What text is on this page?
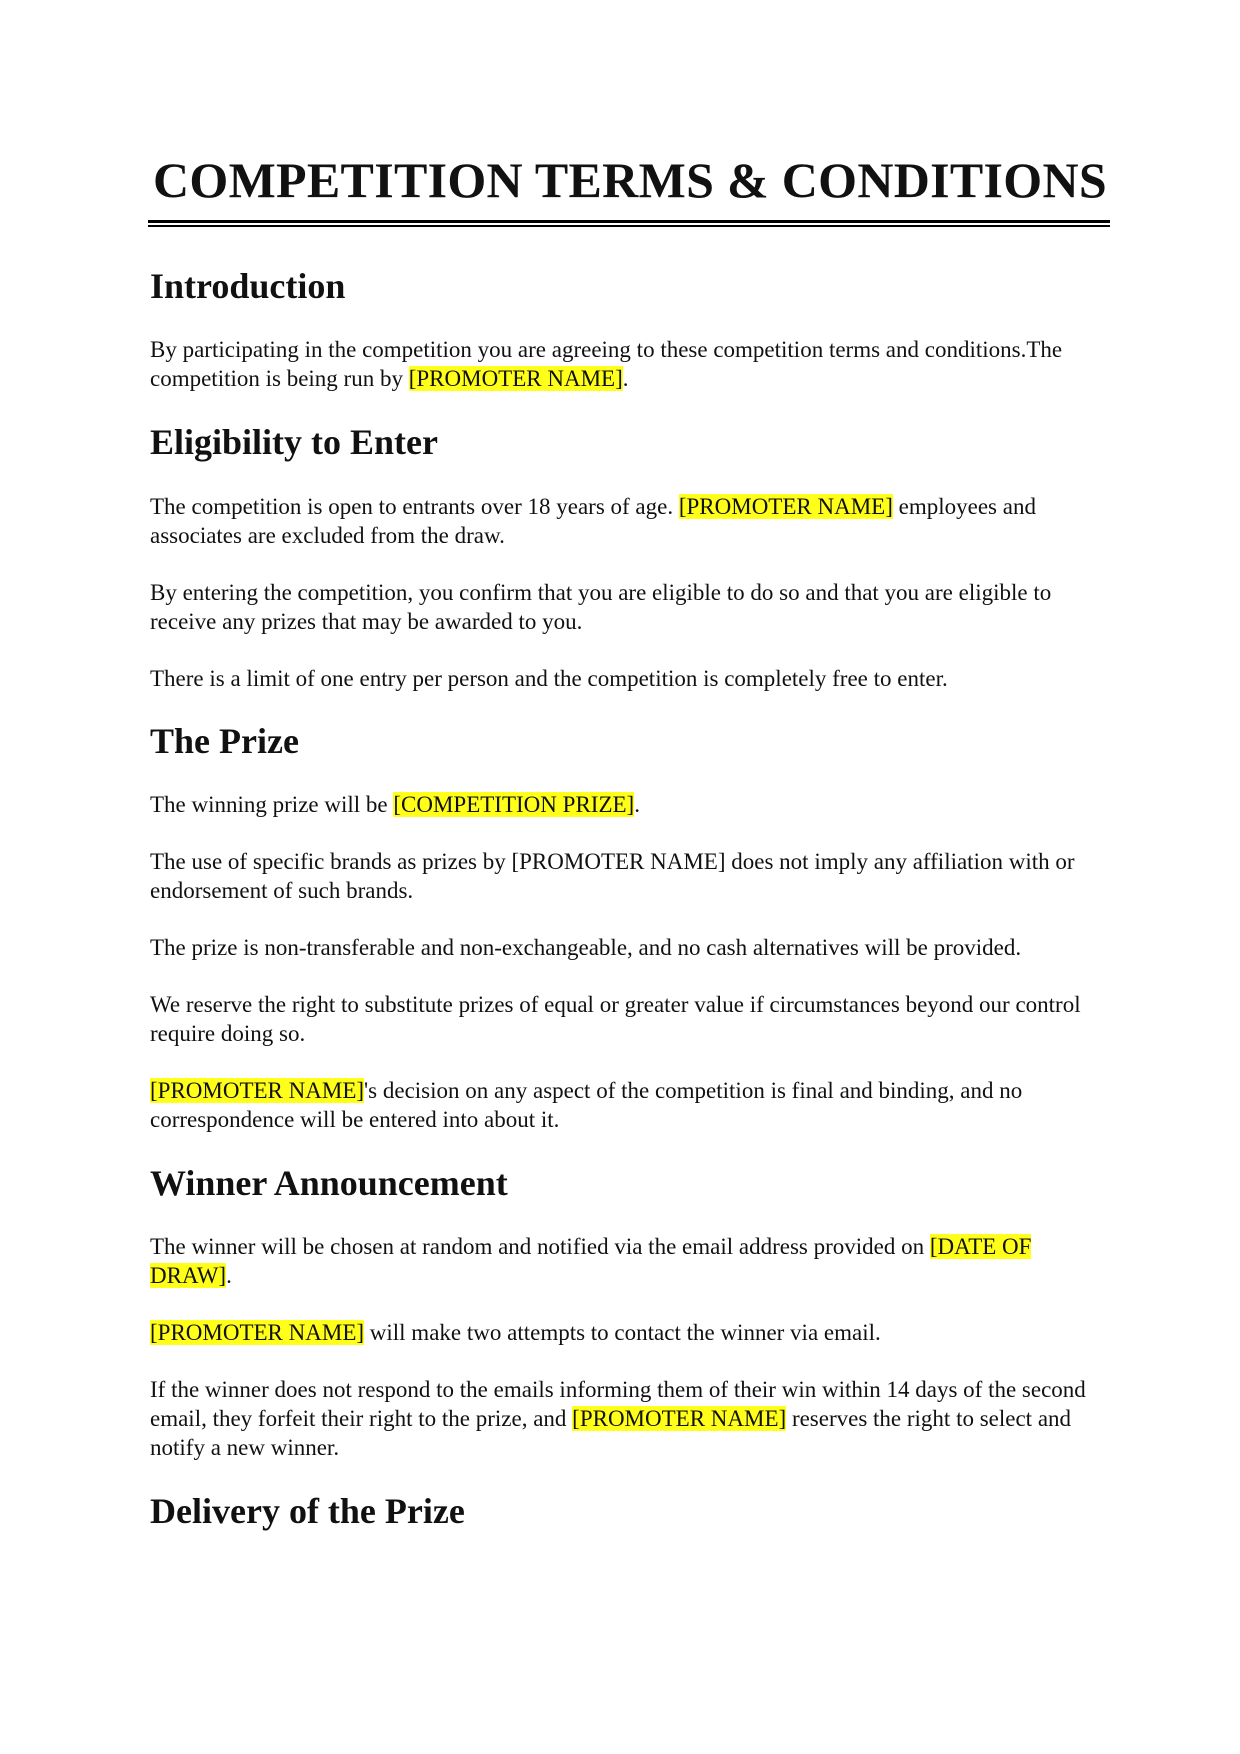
COMPETITION TERMS & CONDITIONS
Introduction

By participating in the competition you are agreeing to these competition terms and conditions.The competition is being run by [PROMOTER NAME].

Eligibility to Enter

The competition is open to entrants over 18 years of age. [PROMOTER NAME] employees and associates are excluded from the draw.

By entering the competition, you confirm that you are eligible to do so and that you are eligible to receive any prizes that may be awarded to you.

There is a limit of one entry per person and the competition is completely free to enter.

The Prize

The winning prize will be [COMPETITION PRIZE].

The use of specific brands as prizes by [PROMOTER NAME] does not imply any affiliation with or endorsement of such brands.

The prize is non-transferable and non-exchangeable, and no cash alternatives will be provided.

We reserve the right to substitute prizes of equal or greater value if circumstances beyond our control require doing so.

[PROMOTER NAME]'s decision on any aspect of the competition is final and binding, and no correspondence will be entered into about it.

Winner Announcement

The winner will be chosen at random and notified via the email address provided on [DATE OF DRAW].

[PROMOTER NAME] will make two attempts to contact the winner via email.

If the winner does not respond to the emails informing them of their win within 14 days of the second email, they forfeit their right to the prize, and [PROMOTER NAME] reserves the right to select and notify a new winner.

Delivery of the Prize
